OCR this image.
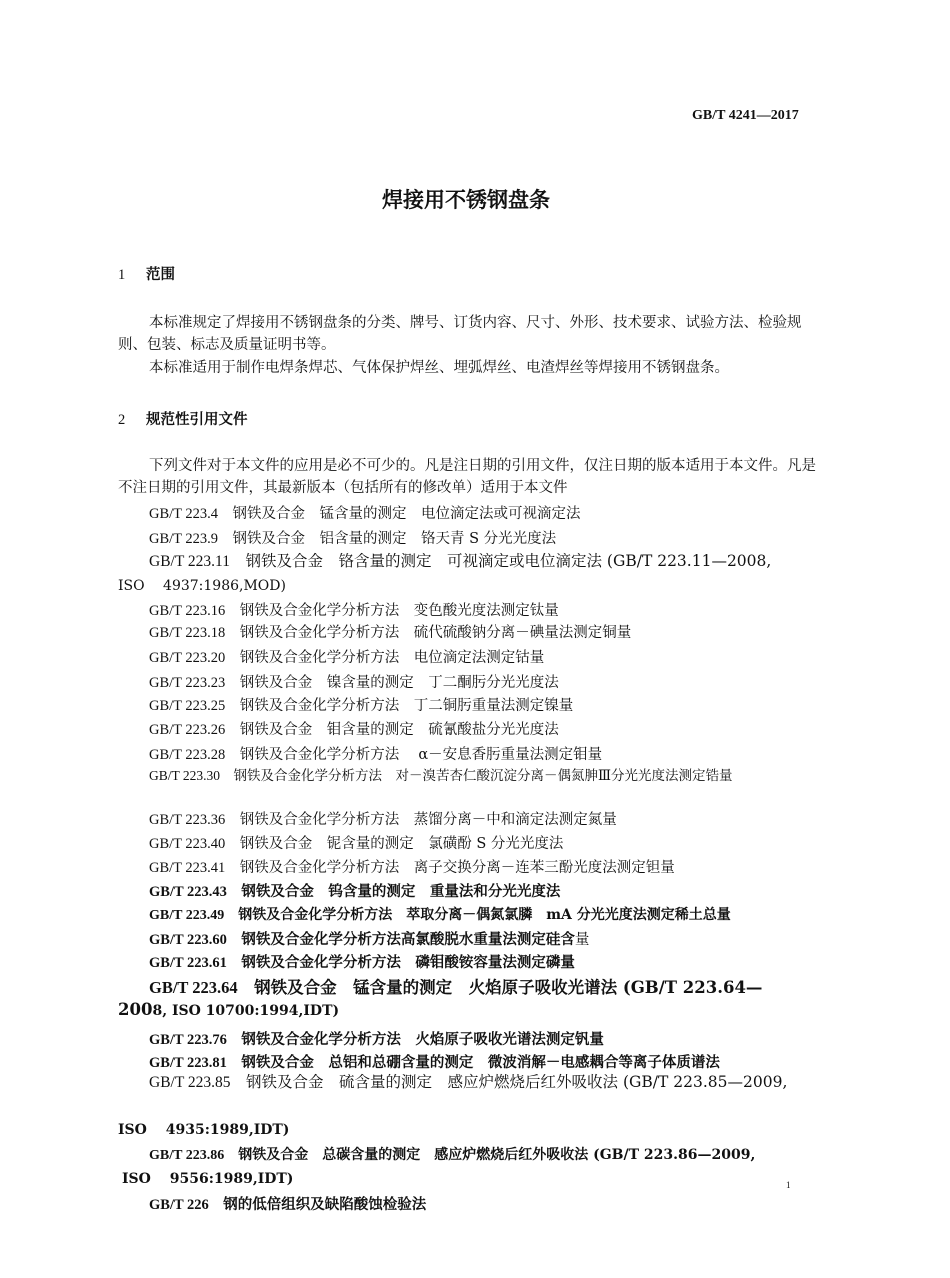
GB/T 4241—2017
焊接用不锈钢盘条
1 范围
本标准规定了焊接用不锈钢盘条的分类、牌号、订货内容、尺寸、外形、技术要求、试验方法、检验规则、包装、标志及质量证明书等。
本标准适用于制作电焊条焊芯、气体保护焊丝、埋弧焊丝、电渣焊丝等焊接用不锈钢盘条。
2 规范性引用文件
下列文件对于本文件的应用是必不可少的。凡是注日期的引用文件，仅注日期的版本适用于本文件。凡是不注日期的引用文件，其最新版本（包括所有的修改单）适用于本文件
GB/T 223.4　 钢铁及合金　锰含量的测定　电位滴定法或可视滴定法
GB/T 223.9　 钢铁及合金　铝含量的测定　铬天青 S 分光光度法
GB/T 223.11　 钢铁及合金　铬含量的测定　可视滴定或电位滴定法 (GB/T 223.11—2008,
ISO　 4937:1986,MOD)
GB/T 223.16　 钢铁及合金化学分析方法　变色酸光度法测定钛量
GB/T 223.18　 钢铁及合金化学分析方法　硫代硫酸钠分离－碘量法测定铜量
GB/T 223.20　 钢铁及合金化学分析方法　电位滴定法测定钴量
GB/T 223.23　 钢铁及合金　镍含量的测定　丁二酮肟分光光度法
GB/T 223.25　 钢铁及合金化学分析方法　丁二铜肟重量法测定镍量
GB/T 223.26　 钢铁及合金　钼含量的测定　硫氰酸盐分光光度法
GB/T 223.28　 钢铁及合金化学分析方法　 α－安息香肟重量法测定钼量
GB/T 223.30　 钢铁及合金化学分析方法　对－溴苦杏仁酸沉淀分离－偶氮胂Ⅲ分光光度法测定锆量
GB/T 223.36　 钢铁及合金化学分析方法　蒸馏分离－中和滴定法测定氮量
GB/T 223.40　 钢铁及合金　铌含量的测定　氯磺酚 S 分光光度法
GB/T 223.41　 钢铁及合金化学分析方法　离子交换分离－连苯三酚光度法测定钽量
GB/T 223.43　 钢铁及合金　钨含量的测定　重量法和分光光度法
GB/T 223.49　 钢铁及合金化学分析方法　萃取分离－偶氮氯膦　mA 分光光度法测定稀土总量
GB/T 223.60　 钢铁及合金化学分析方法高氯酸脱水重量法测定硅含量
GB/T 223.61　 钢铁及合金化学分析方法　磷钼酸铵容量法测定磷量
GB/T 223.64　 钢铁及合金　锰含量的测定　火焰原子吸收光谱法 (GB/T 223.64—
2008, ISO 10700:1994,IDT)
GB/T 223.76　 钢铁及合金化学分析方法　火焰原子吸收光谱法测定钒量
GB/T 223.81　 钢铁及合金　总铝和总硼含量的测定　微波消解－电感耦合等离子体质谱法
GB/T 223.85　 钢铁及合金　硫含量的测定　感应炉燃烧后红外吸收法 (GB/T 223.85—2009,
ISO　 4935:1989,IDT)
GB/T 223.86　 钢铁及合金　总碳含量的测定　感应炉燃烧后红外吸收法 (GB/T 223.86—2009,
ISO　 9556:1989,IDT)	1
GB/T 226　 钢的低倍组织及缺陷酸蚀检验法
